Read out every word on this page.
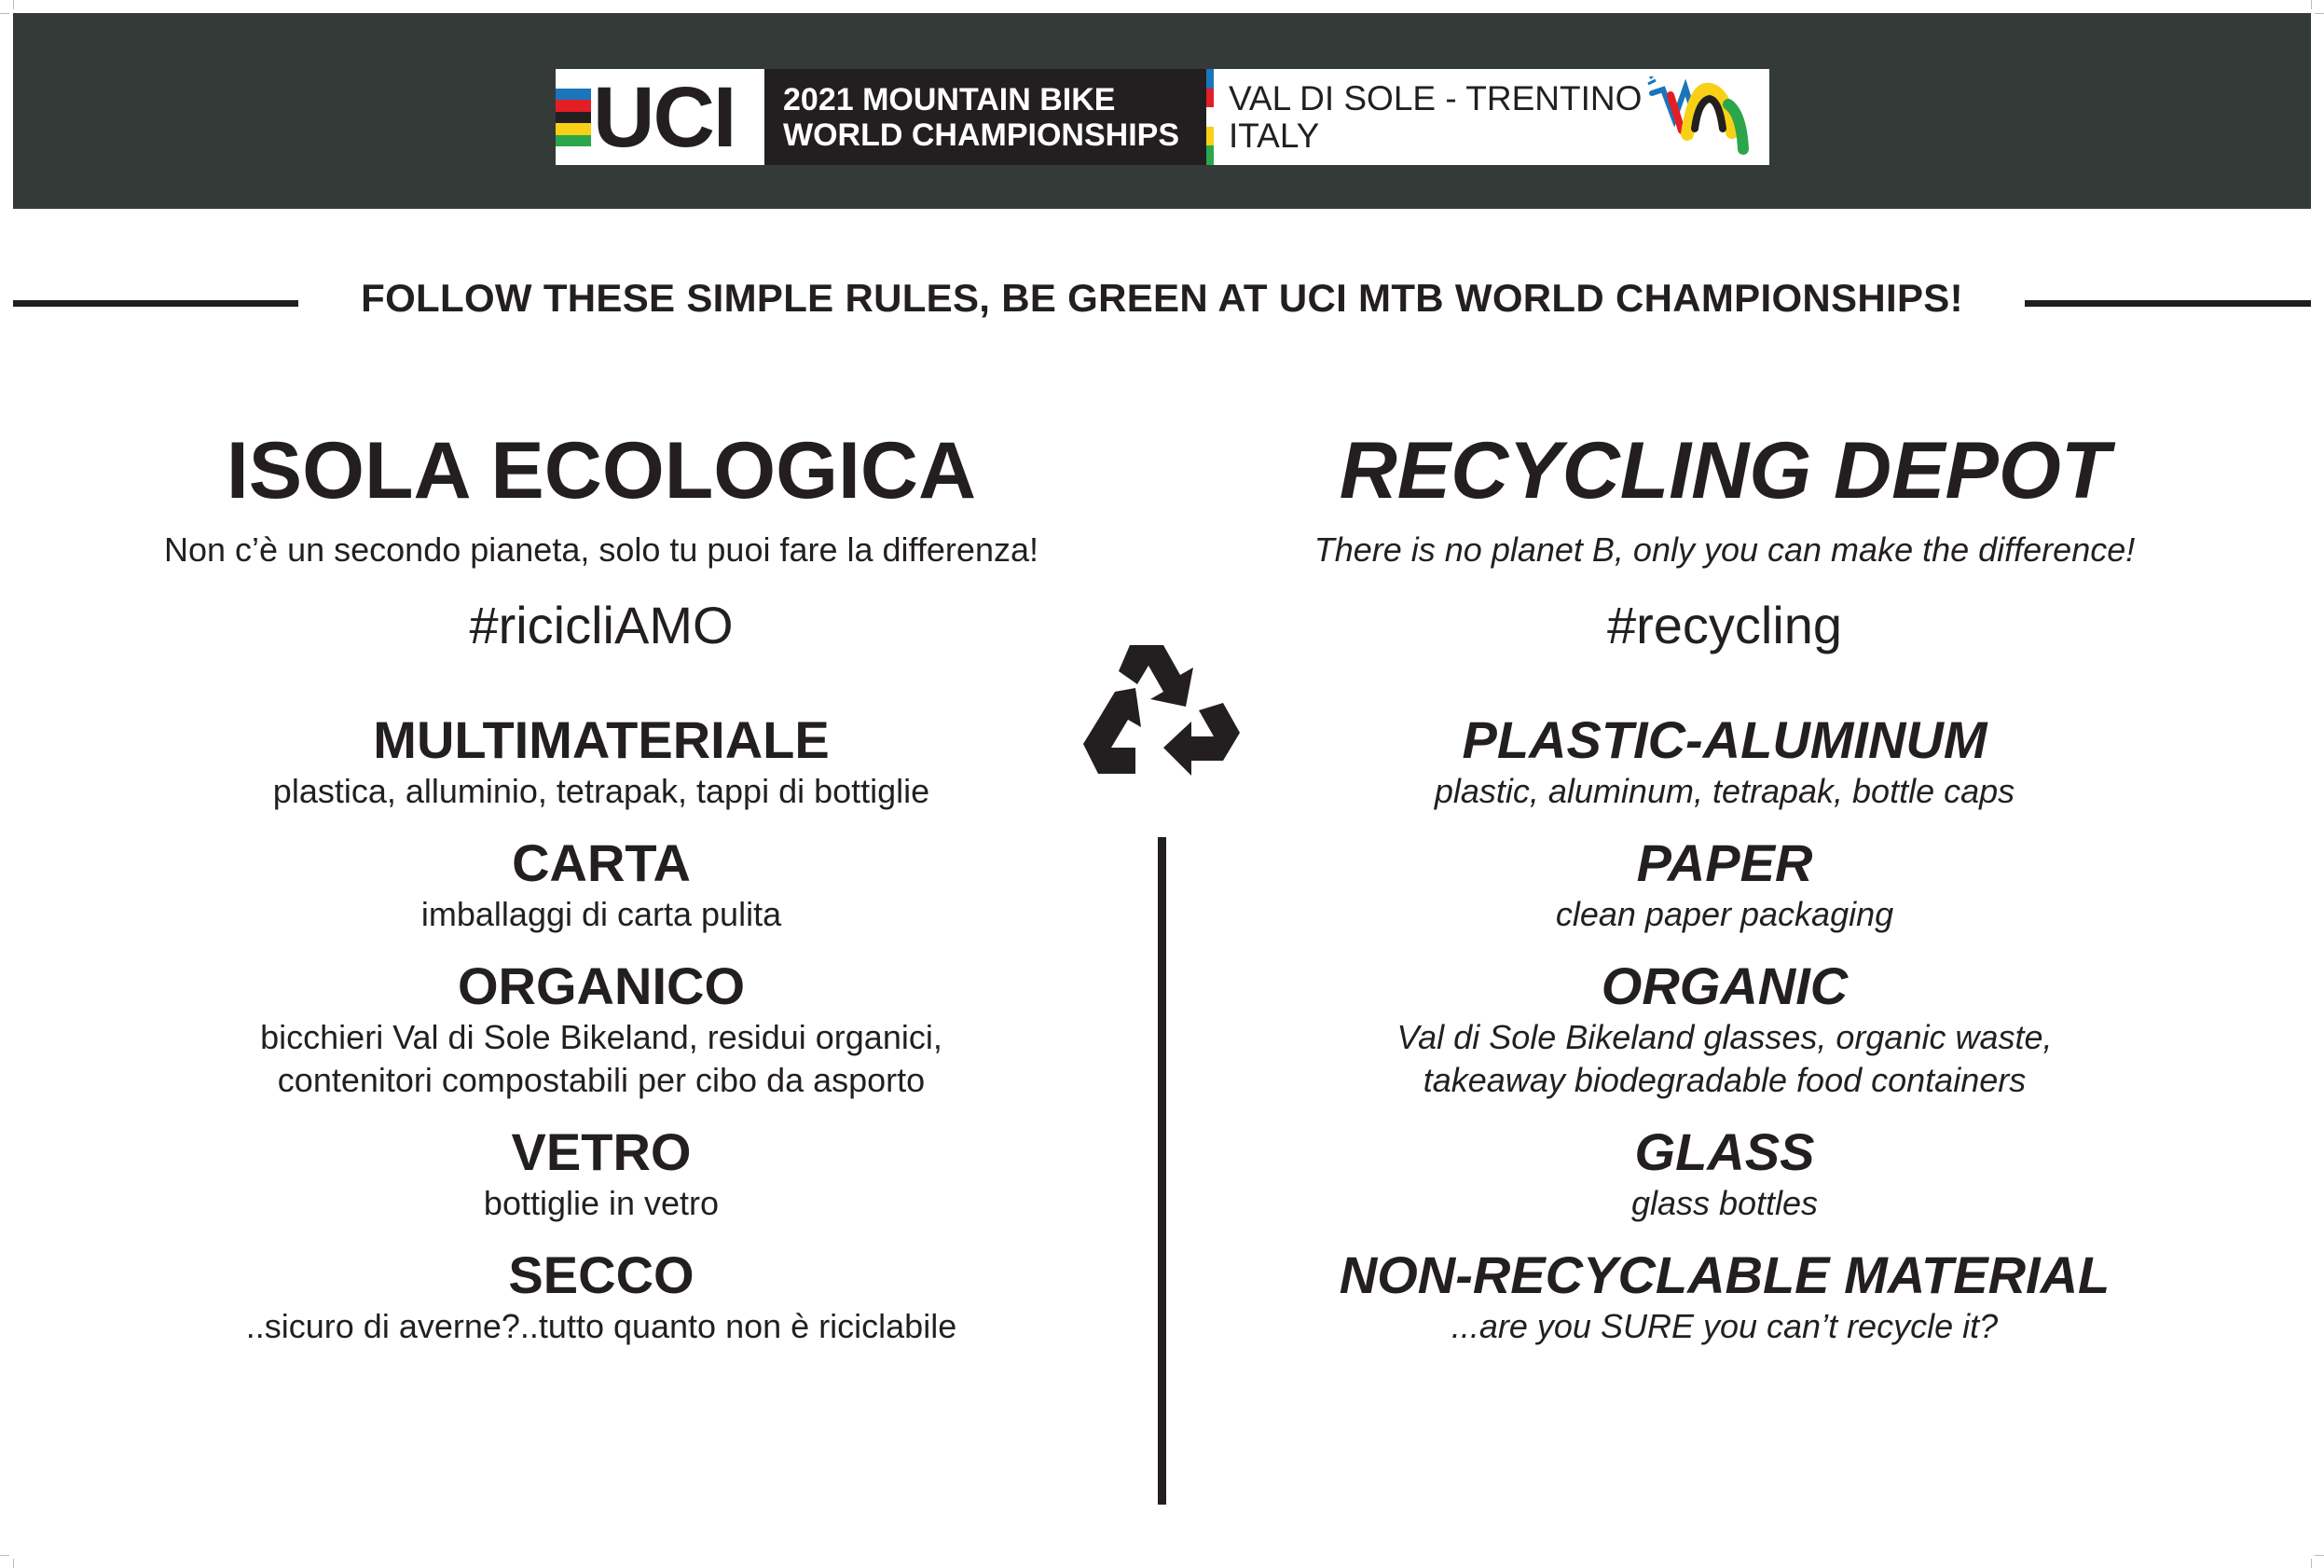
UCI 2021 MOUNTAIN BIKE
WORLD CHAMPIONSHIPS
VAL DI SOLE - TRENTINO
ITALY
FOLLOW THESE SIMPLE RULES, BE GREEN AT UCI MTB WORLD CHAMPIONSHIPS!
ISOLA ECOLOGICA
Non c’è un secondo pianeta, solo tu puoi fare la differenza!
#ricicliAMO
MULTIMATERIALE
plastica, alluminio, tetrapak, tappi di bottiglie
CARTA
imballaggi di carta pulita
ORGANICO
bicchieri Val di Sole Bikeland, residui organici,
contenitori compostabili per cibo da asporto
VETRO
bottiglie in vetro
SECCO
..sicuro di averne?..tutto quanto non è riciclabile
RECYCLING DEPOT
There is no planet B, only you can make the difference!
#recycling
PLASTIC-ALUMINUM
plastic, aluminum, tetrapak, bottle caps
PAPER
clean paper packaging
ORGANIC
Val di Sole Bikeland glasses, organic waste,
takeaway biodegradable food containers
GLASS
glass bottles
NON-RECYCLABLE MATERIAL
...are you SURE you can’t recycle it?
